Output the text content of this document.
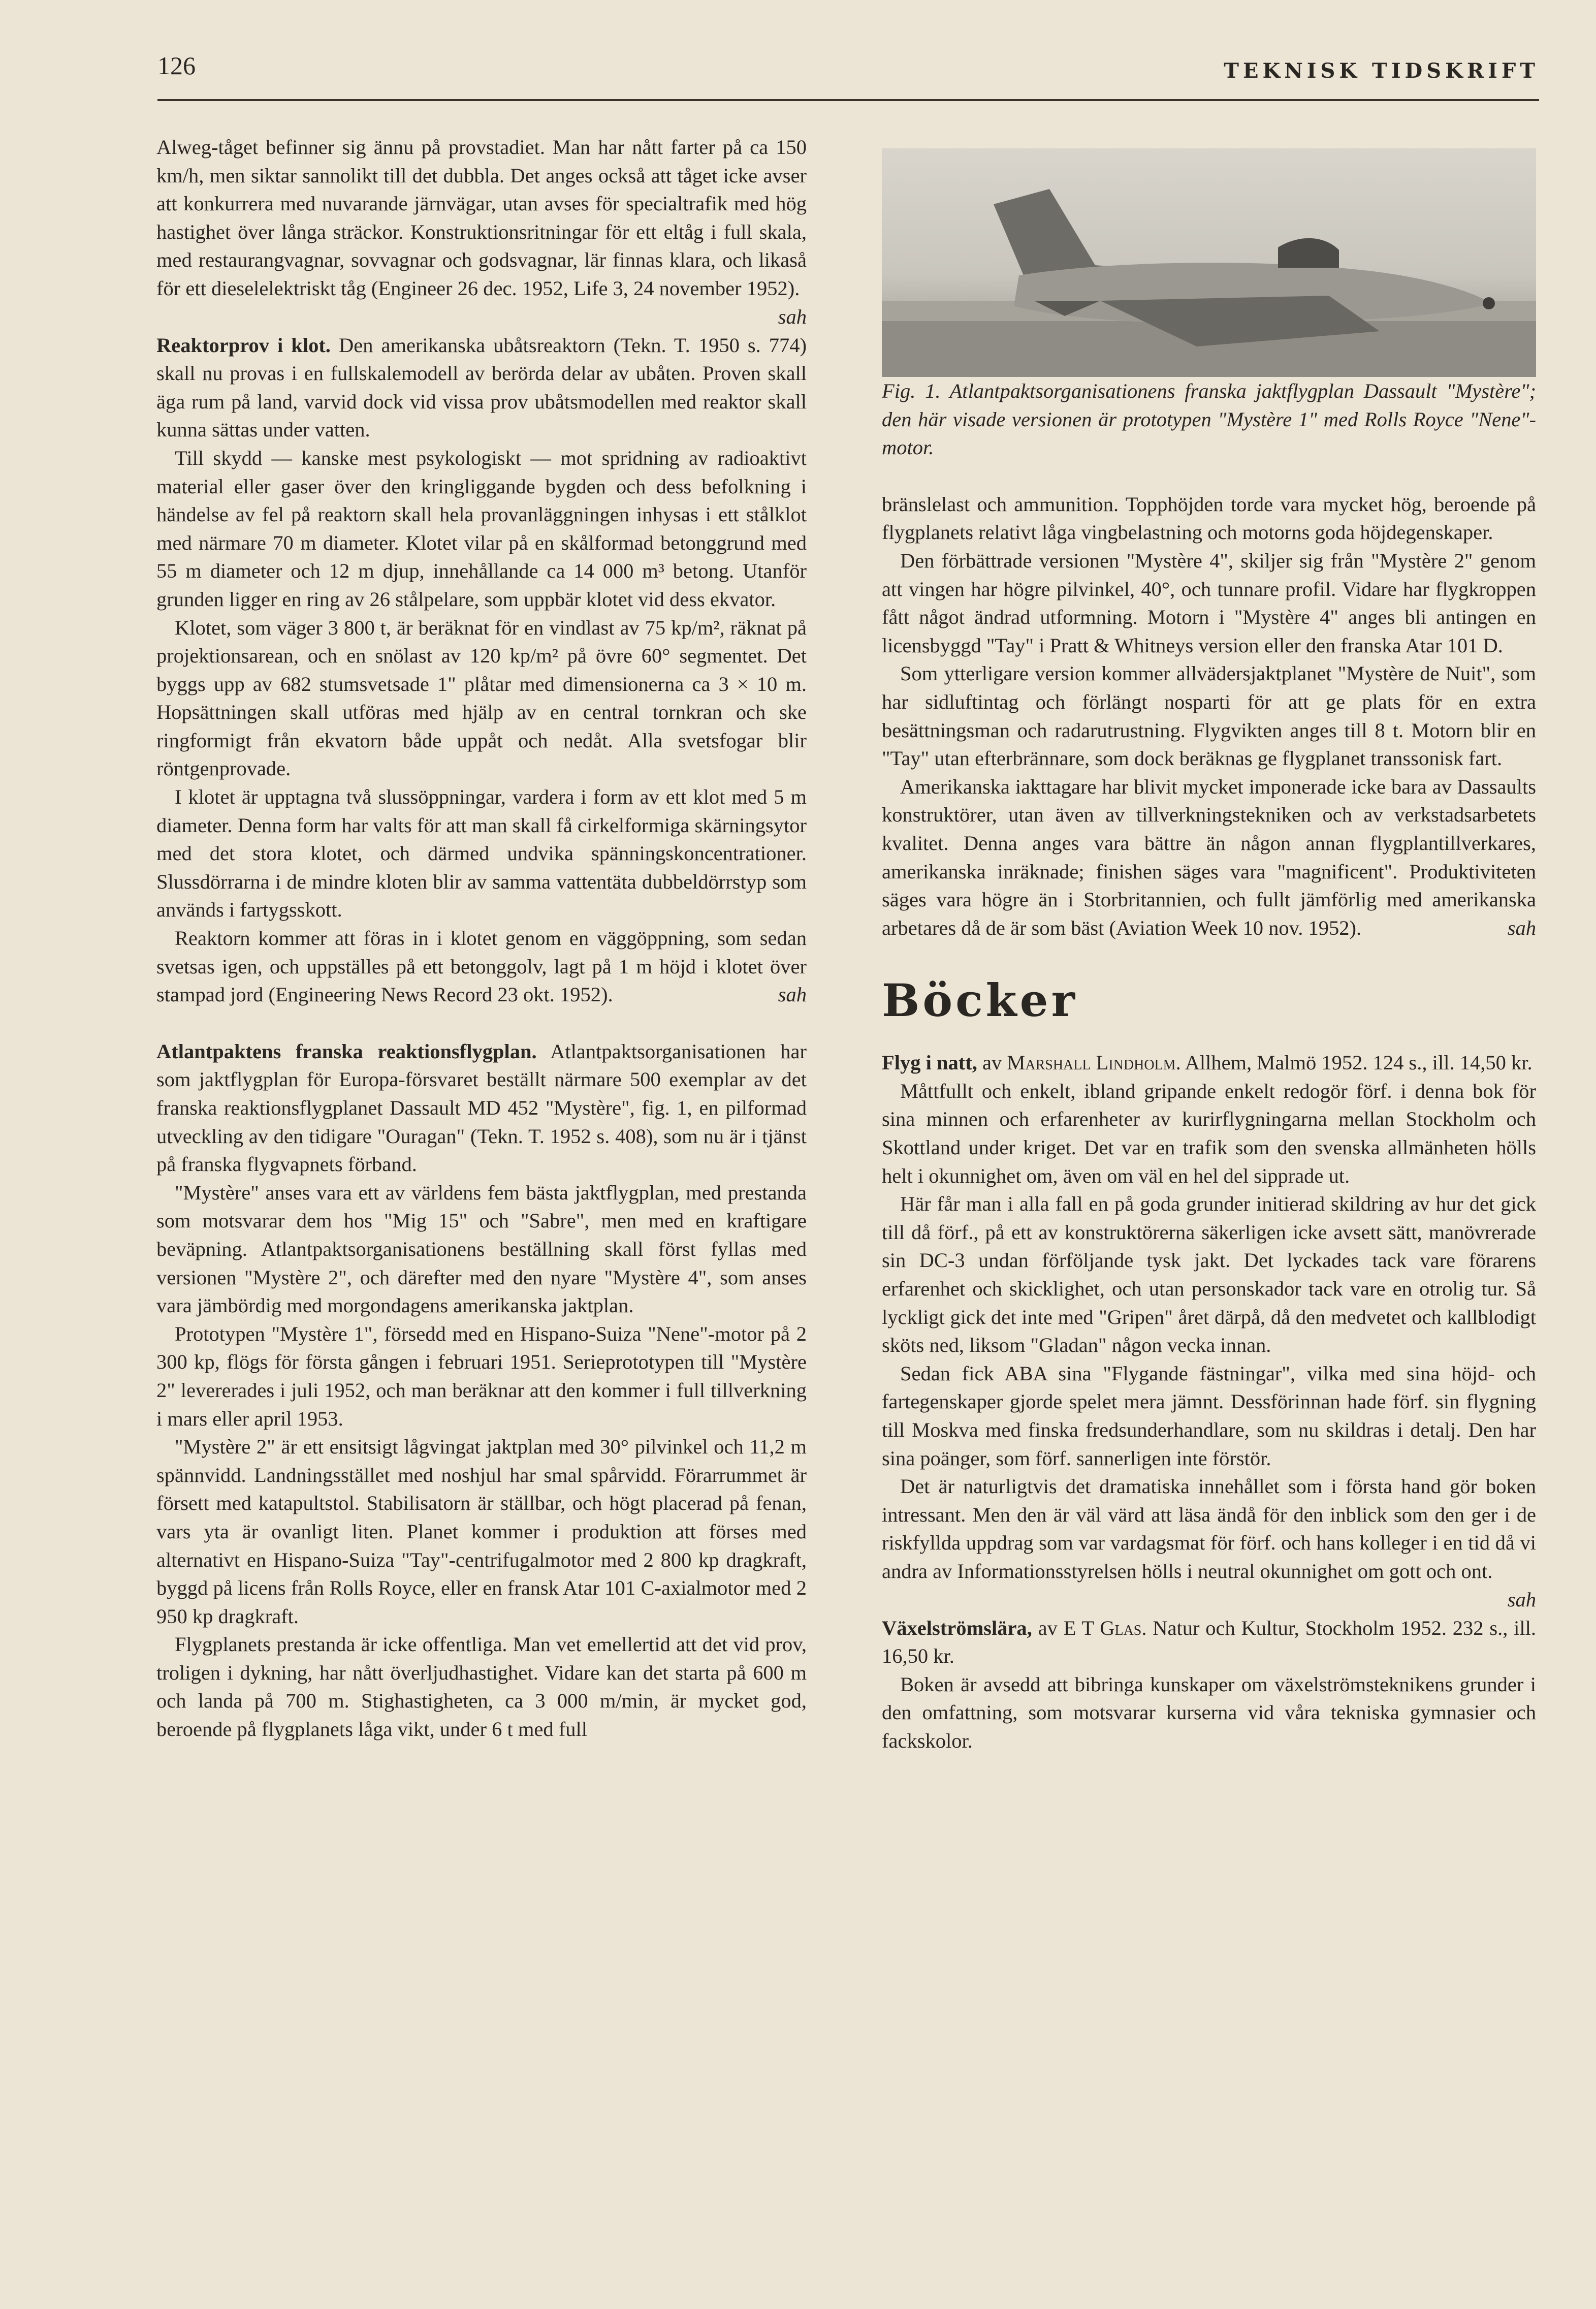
126	TEKNISK TIDSKRIFT

Alweg-tåget befinner sig ännu på provstadiet. Man har nått farter på ca 150 km/h, men siktar sannolikt till det dubbla. Det anges också att tåget icke avser att konkurrera med nuvarande järnvägar, utan avses för specialtrafik med hög hastighet över långa sträckor. Konstruktionsritningar för ett eltåg i full skala, med restaurangvagnar, sovvagnar och godsvagnar, lär finnas klara, och likaså för ett dieselelektriskt tåg (Engineer 26 dec. 1952, Life 3, 24 november 1952).
sah

Reaktorprov i klot. Den amerikanska ubåtsreaktorn (Tekn. T. 1950 s. 774) skall nu provas i en fullskalemodell av berörda delar av ubåten. Proven skall äga rum på land, varvid dock vid vissa prov ubåtsmodellen med reaktor skall kunna sättas under vatten.

Till skydd — kanske mest psykologiskt — mot spridning av radioaktivt material eller gaser över den kringliggande bygden och dess befolkning i händelse av fel på reaktorn skall hela provanläggningen inhysas i ett stålklot med närmare 70 m diameter. Klotet vilar på en skålformad betonggrund med 55 m diameter och 12 m djup, innehållande ca 14 000 m³ betong. Utanför grunden ligger en ring av 26 stålpelare, som uppbär klotet vid dess ekvator.

Klotet, som väger 3 800 t, är beräknat för en vindlast av 75 kp/m², räknat på projektionsarean, och en snölast av 120 kp/m² på övre 60° segmentet. Det byggs upp av 682 stumsvetsade 1" plåtar med dimensionerna ca 3 × 10 m. Hopsättningen skall utföras med hjälp av en central tornkran och ske ringformigt från ekvatorn både uppåt och nedåt. Alla svetsfogar blir röntgenprovade.

I klotet är upptagna två slussöppningar, vardera i form av ett klot med 5 m diameter. Denna form har valts för att man skall få cirkelformiga skärningsytor med det stora klotet, och därmed undvika spänningskoncentrationer. Slussdörrarna i de mindre kloten blir av samma vattentäta dubbeldörrstyp som används i fartygsskott.

Reaktorn kommer att föras in i klotet genom en väggöppning, som sedan svetsas igen, och uppställes på ett betonggolv, lagt på 1 m höjd i klotet över stampad jord (Engineering News Record 23 okt. 1952).	sah

Atlantpaktens franska reaktionsflygplan. Atlantpaktsorganisationen har som jaktflygplan för Europa-försvaret beställt närmare 500 exemplar av det franska reaktionsflygplanet Dassault MD 452 "Mystère", fig. 1, en pilformad utveckling av den tidigare "Ouragan" (Tekn. T. 1952 s. 408), som nu är i tjänst på franska flygvapnets förband.

"Mystère" anses vara ett av världens fem bästa jaktflygplan, med prestanda som motsvarar dem hos "Mig 15" och "Sabre", men med en kraftigare beväpning. Atlantpaktsorganisationens beställning skall först fyllas med versionen "Mystère 2", och därefter med den nyare "Mystère 4", som anses vara jämbördig med morgondagens amerikanska jaktplan.

Prototypen "Mystère 1", försedd med en Hispano-Suiza "Nene"-motor på 2 300 kp, flögs för första gången i februari 1951. Serieprototypen till "Mystère 2" levererades i juli 1952, och man beräknar att den kommer i full tillverkning i mars eller april 1953.

"Mystère 2" är ett ensitsigt lågvingat jaktplan med 30° pilvinkel och 11,2 m spännvidd. Landningsstället med noshjul har smal spårvidd. Förarrummet är försett med katapultstol. Stabilisatorn är ställbar, och högt placerad på fenan, vars yta är ovanligt liten. Planet kommer i produktion att förses med alternativt en Hispano-Suiza "Tay"-centrifugalmotor med 2 800 kp dragkraft, byggd på licens från Rolls Royce, eller en fransk Atar 101 C-axialmotor med 2 950 kp dragkraft.

Flygplanets prestanda är icke offentliga. Man vet emellertid att det vid prov, troligen i dykning, har nått överljudhastighet. Vidare kan det starta på 600 m och landa på 700 m. Stighastigheten, ca 3 000 m/min, är mycket god, beroende på flygplanets låga vikt, under 6 t med full

Fig. 1. Atlantpaktsorganisationens franska jaktflygplan Dassault "Mystère"; den här visade versionen är prototypen "Mystère 1" med Rolls Royce "Nene"-motor.

bränslelast och ammunition. Topphöjden torde vara mycket hög, beroende på flygplanets relativt låga vingbelastning och motorns goda höjdegenskaper.

Den förbättrade versionen "Mystère 4", skiljer sig från "Mystère 2" genom att vingen har högre pilvinkel, 40°, och tunnare profil. Vidare har flygkroppen fått något ändrad utformning. Motorn i "Mystère 4" anges bli antingen en licensbyggd "Tay" i Pratt & Whitneys version eller den franska Atar 101 D.

Som ytterligare version kommer allvädersjaktplanet "Mystère de Nuit", som har sidluftintag och förlängt nosparti för att ge plats för en extra besättningsman och radarutrustning. Flygvikten anges till 8 t. Motorn blir en "Tay" utan efterbrännare, som dock beräknas ge flygplanet transsonisk fart.

Amerikanska iakttagare har blivit mycket imponerade icke bara av Dassaults konstruktörer, utan även av tillverkningstekniken och av verkstadsarbetets kvalitet. Denna anges vara bättre än någon annan flygplantillverkares, amerikanska inräknade; finishen säges vara "magnificent". Produktiviteten säges vara högre än i Storbritannien, och fullt jämförlig med amerikanska arbetares då de är som bäst (Aviation Week 10 nov. 1952).	sah

Böcker

Flyg i natt, av Marshall Lindholm. Allhem, Malmö 1952. 124 s., ill. 14,50 kr.

Måttfullt och enkelt, ibland gripande enkelt redogör förf. i denna bok för sina minnen och erfarenheter av kurirflygningarna mellan Stockholm och Skottland under kriget. Det var en trafik som den svenska allmänheten hölls helt i okunnighet om, även om väl en hel del sipprade ut.

Här får man i alla fall en på goda grunder initierad skildring av hur det gick till då förf., på ett av konstruktörerna säkerligen icke avsett sätt, manövrerade sin DC-3 undan förföljande tysk jakt. Det lyckades tack vare förarens erfarenhet och skicklighet, och utan personskador tack vare en otrolig tur. Så lyckligt gick det inte med "Gripen" året därpå, då den medvetet och kallblodigt sköts ned, liksom "Gladan" någon vecka innan.

Sedan fick ABA sina "Flygande fästningar", vilka med sina höjd- och fartegenskaper gjorde spelet mera jämnt. Dessförinnan hade förf. sin flygning till Moskva med finska fredsunderhandlare, som nu skildras i detalj. Den har sina poänger, som förf. sannerligen inte förstör.

Det är naturligtvis det dramatiska innehållet som i första hand gör boken intressant. Men den är väl värd att läsa ändå för den inblick som den ger i de riskfyllda uppdrag som var vardagsmat för förf. och hans kolleger i en tid då vi andra av Informationsstyrelsen hölls i neutral okunnighet om gott och ont.
sah

Växelströmslära, av E T Glas. Natur och Kultur, Stockholm 1952. 232 s., ill. 16,50 kr.

Boken är avsedd att bibringa kunskaper om växelströmsteknikens grunder i den omfattning, som motsvarar kurserna vid våra tekniska gymnasier och fackskolor.
